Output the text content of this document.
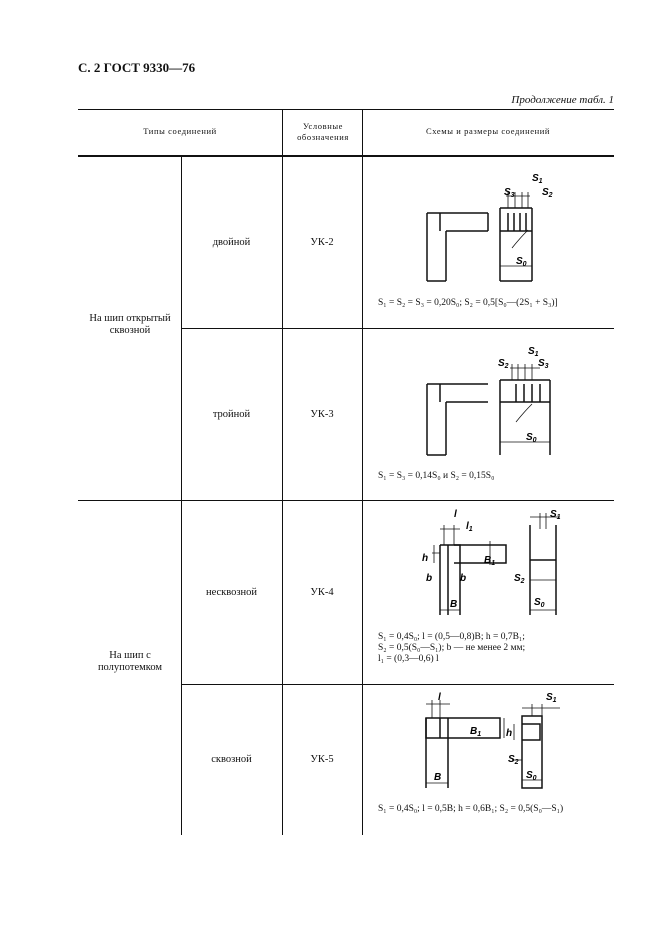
С. 2 ГОСТ 9330—76
Продолжение табл. 1
Типы соединений	Условные обозначения
Схемы и размеры соединений
На шип открытый сквозной
двойной	УК-2
S₁ = S₂ = S₃ = 0,20S₀; S₂ = 0,5[S₀—(2S₁ + S₃)]
тройной	УК-3
S₁ = S₃ = 0,14S₀ и S₂ = 0,15S₀
На шип с полупотемком
несквозной	УК-4
S₁ = 0,4S₀; l = (0,5—0,8)B; h = 0,7B₁;
S₂ = 0,5(S₀—S₁); b — не менее 2 мм;
l₁ = (0,3—0,6) l
сквозной	УК-5
S₁ = 0,4S₀; l = 0,5B; h = 0,6B₁; S₂ = 0,5(S₀—S₁)
$S_1$
$S_3$	$S_2$
$S_0$
$S_1$
$S_2$	$S_3$
$S_0$
l
$l_1$
h
b	b
B
$B_1$
$S_1$
$S_2$
$S_0$
l
B
$B_1$ h
$S_1$
$S_2$
$S_0$
